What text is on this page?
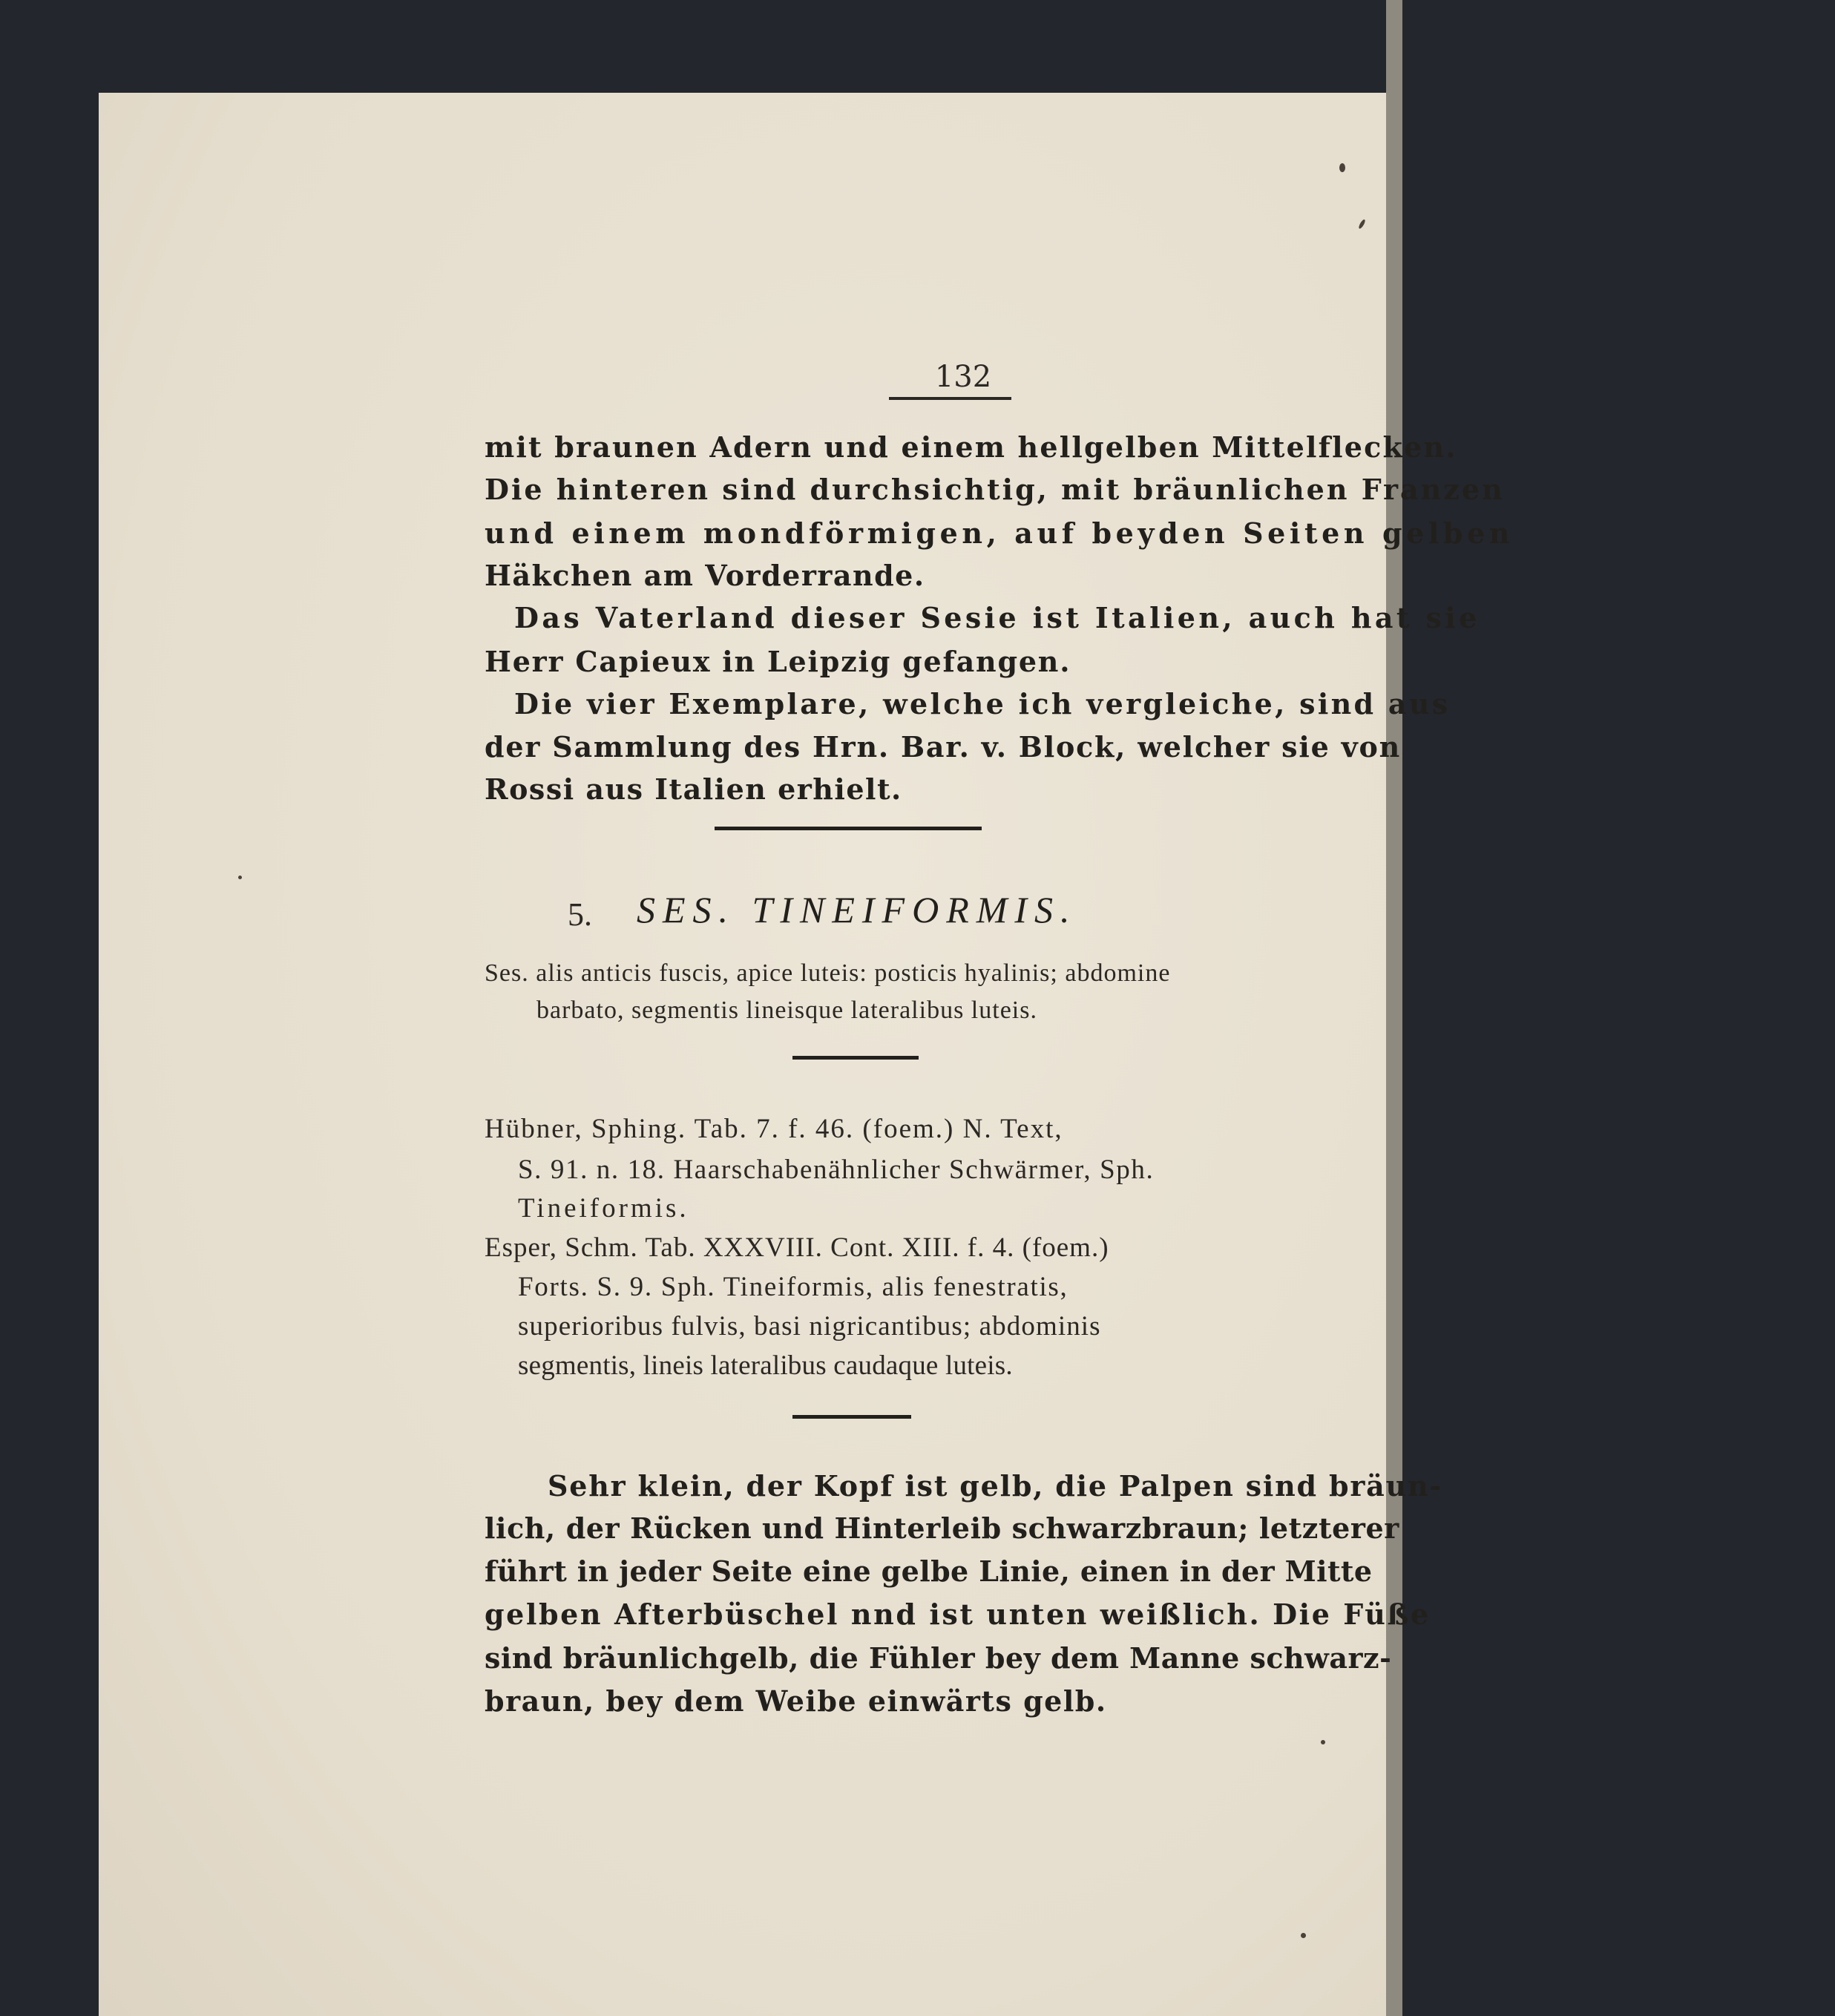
132
mit braunen Adern und einem hellgelben Mittelflecken.
Die hinteren sind durchsichtig, mit bräunlichen Franzen
und einem mondförmigen, auf beyden Seiten gelben
Häkchen am Vorderrande.
Das Vaterland dieser Sesie ist Italien, auch hat sie
Herr Capieux in Leipzig gefangen.
Die vier Exemplare, welche ich vergleiche, sind aus
der Sammlung des Hrn. Bar. v. Block, welcher sie von
Rossi aus Italien erhielt.
5. SES. TINEIFORMIS.
Ses. alis anticis fuscis, apice luteis: posticis hyalinis; abdomine
barbato, segmentis lineisque lateralibus luteis.
Hübner, Sphing. Tab. 7. f. 46. (foem.) N. Text,
S. 91. n. 18. Haarschabenähnlicher Schwärmer, Sph.
Tineiformis.
Esper, Schm. Tab. XXXVIII. Cont. XIII. f. 4. (foem.)
Forts. S. 9. Sph. Tineiformis, alis fenestratis,
superioribus fulvis, basi nigricantibus; abdominis
segmentis, lineis lateralibus caudaque luteis.
Sehr klein, der Kopf ist gelb, die Palpen sind bräun-
lich, der Rücken und Hinterleib schwarzbraun; letzterer
führt in jeder Seite eine gelbe Linie, einen in der Mitte
gelben Afterbüschel nnd ist unten weißlich. Die Füße
sind bräunlichgelb, die Fühler bey dem Manne schwarz-
braun, bey dem Weibe einwärts gelb.
